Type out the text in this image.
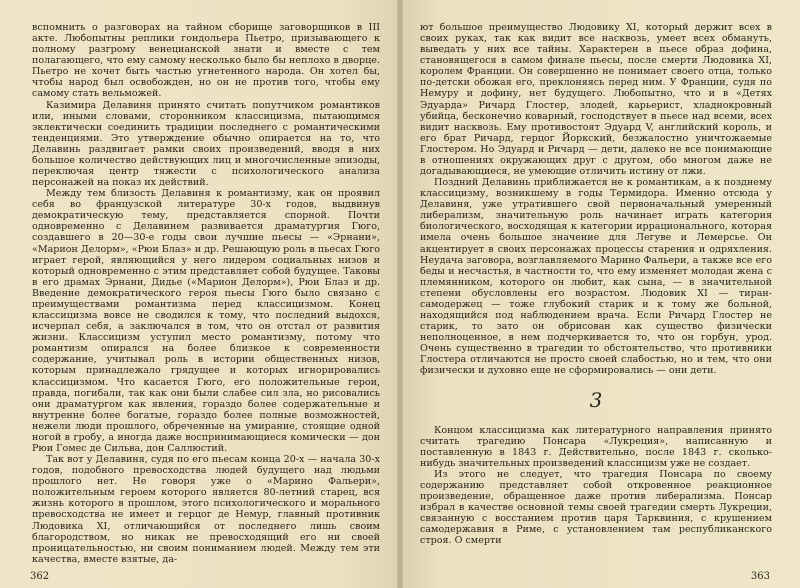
вспомнить о разговорах на тайном сборище заговорщиков в III акте. Любопытны реплики гондольера Пьетро, призывающего к полному разгрому венецианской знати и вместе с тем полагающего, что ему самому несколько было бы неплохо в дворце. Пьетро не хочет быть частью угнетенного народа. Он хотел бы, чтобы народ был освобожден, но он не против того, чтобы ему самому стать вельможей.

Казимира Делавиня принято считать попутчиком романтиков или, иными словами, сторонником классицизма, пытающимся эклектически соединить традиции последнего с романтическими тенденциями. Это утверждение обычно опирается на то, что Делавинь раздвигает рамки своих произведений, вводя в них большое количество действующих лиц и многочисленные эпизоды, переключая центр тяжести с психологического анализа персонажей на показ их действий.

Между тем близость Делавиня к романтизму, как он проявил себя во французской литературе 30-х годов, выдвинув демократическую тему, представляется спорной. Почти одновременно с Делавинем развивается драматургия Гюго, создавшего в 20—30-е годы свои лучшие пьесы — «Эрнани», «Марион Делорм», «Рюи Блаз» и др. Решающую роль в пьесах Гюго играет герой, являющийся у него лидером социальных низов и который одновременно с этим представляет собой будущее. Таковы в его драмах Эрнани, Дидье («Марион Делорм»), Рюи Блаз и др. Введение демократического героя пьесы Гюго было связано с преимуществами романтизма перед классицизмом. Конец классицизма вовсе не сводился к тому, что последний выдохся, исчерпал себя, а заключался в том, что он отстал от развития жизни. Классицизм уступил место романтизму, потому что романтизм опирался на более близкое к современности содержание, учитывал роль в истории общественных низов, которым принадлежало грядущее и которых игнорировались классицизмом. Что касается Гюго, его положительные герои, правда, погибали, так как они были слабее сил зла, но рисовались они драматургом как явления, гораздо более содержательные и внутренне более богатые, гораздо более полные возможностей, нежели люди прошлого, обреченные на умирание, стоящие одной ногой в гробу, а иногда даже воспринимающиеся комически — дон Рюи Гомес де Сильва, дон Саллюстий.

Так вот у Делавиня, судя по его пьесам конца 20-х — начала 30-х годов, подобного превосходства людей будущего над людьми прошлого нет. Не говоря уже о «Марино Фальери», положительным героем которого является 80-летний старец, вся жизнь которого в прошлом, этого психологического и морального превосходства не имеет и герцог де Немур, главный противник Людовика XI, отличающийся от последнего лишь своим благородством, но никак не превосходящий его ни своей проницательностью, ни своим пониманием людей. Между тем эти качества, вместе взятые, да-

362

ют большое преимущество Людовику XI, который держит всех в своих руках, так как видит все насквозь, умеет всех обмануть, выведать у них все тайны. Характерен в пьесе образ дофина, становящегося в самом финале пьесы, после смерти Людовика XI, королем Франции. Он совершенно не понимает своего отца, только по-детски обожая его, преклоняясь перед ним. У Франции, судя по Немуру и дофину, нет будущего. Любопытно, что и в «Детях Эдуарда» Ричард Глостер, злодей, карьерист, хладнокровный убийца, бесконечно коварный, господствует в пьесе над всеми, всех видит насквозь. Ему противостоят Эдуард V, английский король, и его брат Ричард, герцог Йоркский, безжалостно уничтожаемые Глостером. Но Эдуард и Ричард — дети, далеко не все понимающие в отношениях окружающих друг с другом, обо многом даже не догадывающиеся, не умеющие отличить истину от лжи.

Поздний Делавинь приближается не к романтикам, а к позднему классицизму, возникшему в годы Термидора. Именно отсюда у Делавиня, уже утратившего свой первоначальный умеренный либерализм, значительную роль начинает играть категория биологического, восходящая к категории иррационального, которая имела очень большое значение для Легуве и Лемерсье. Он акцентирует в своих персонажах процессы старения и одряхления. Неудача заговора, возглавляемого Марино Фальери, а также все его беды и несчастья, в частности то, что ему изменяет молодая жена с племянником, которого он любит, как сына, — в значительной степени обусловлены его возрастом. Людовик XI — тиран-самодержец — тоже глубокий старик и к тому же больной, находящийся под наблюдением врача. Если Ричард Глостер не старик, то зато он обрисован как существо физически неполноценное, в нем подчеркивается то, что он горбун, урод. Очень существенно в трагедии то обстоятельство, что противники Глостера отличаются не просто своей слабостью, но и тем, что они физически и духовно еще не сформировались — они дети.

3

Концом классицизма как литературного направления принято считать трагедию Понсара «Лукреция», написанную и поставленную в 1843 г. Действительно, после 1843 г. сколько-нибудь значительных произведений классицизм уже не создает.

Из этого не следует, что трагедия Понсара по своему содержанию представляет собой откровенное реакционное произведение, обращенное даже против либерализма. Понсар избрал в качестве основной темы своей трагедии смерть Лукреции, связанную с восстанием против царя Тарквиния, с крушением самодержавия в Риме, с установлением там республиканского строя. О смерти

363
